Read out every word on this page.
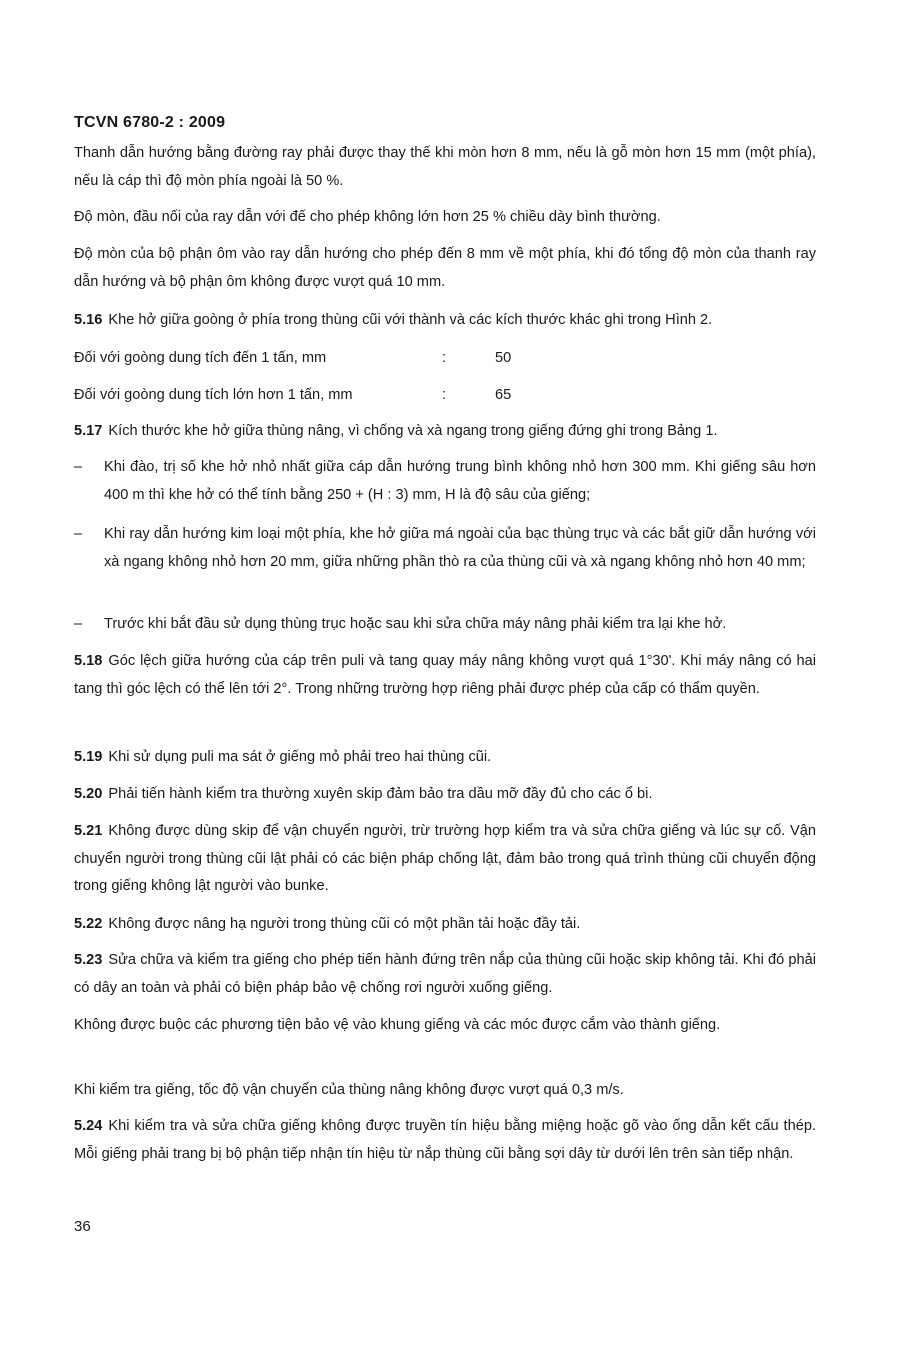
TCVN 6780-2 : 2009
Thanh dẫn hướng bằng đường ray phải được thay thế khi mòn hơn 8 mm, nếu là gỗ mòn hơn 15 mm (một phía), nếu là cáp thì độ mòn phía ngoài là 50 %.
Độ mòn, đầu nối của ray dẫn với đế cho phép không lớn hơn 25 % chiều dày bình thường.
Độ mòn của bộ phận ôm vào ray dẫn hướng cho phép đến 8 mm về một phía, khi đó tổng độ mòn của thanh ray dẫn hướng và bộ phận ôm không được vượt quá 10 mm.
5.16 Khe hở giữa goòng ở phía trong thùng cũi với thành và các kích thước khác ghi trong Hình 2.
Đối với goòng dung tích đến 1 tấn, mm	:	50
Đối với goòng dung tích lớn hơn 1 tấn, mm	:	65
5.17 Kích thước khe hở giữa thùng nâng, vì chống và xà ngang trong giếng đứng ghi trong Bảng 1.
– Khi đào, trị số khe hở nhỏ nhất giữa cáp dẫn hướng trung bình không nhỏ hơn 300 mm. Khi giếng sâu hơn 400 m thì khe hở có thể tính bằng 250 + (H : 3) mm, H là độ sâu của giếng;
– Khi ray dẫn hướng kim loại một phía, khe hở giữa má ngoài của bạc thùng trục và các bắt giữ dẫn hướng với xà ngang không nhỏ hơn 20 mm, giữa những phần thò ra của thùng cũi và xà ngang không nhỏ hơn 40 mm;
– Trước khi bắt đầu sử dụng thùng trục hoặc sau khi sửa chữa máy nâng phải kiểm tra lại khe hở.
5.18 Góc lệch giữa hướng của cáp trên puli và tang quay máy nâng không vượt quá 1°30'. Khi máy nâng có hai tang thì góc lệch có thể lên tới 2°. Trong những trường hợp riêng phải được phép của cấp có thẩm quyền.
5.19 Khi sử dụng puli ma sát ở giếng mỏ phải treo hai thùng cũi.
5.20 Phải tiến hành kiểm tra thường xuyên skip đảm bảo tra dầu mỡ đầy đủ cho các ổ bi.
5.21 Không được dùng skip để vận chuyển người, trừ trường hợp kiểm tra và sửa chữa giếng và lúc sự cố. Vận chuyển người trong thùng cũi lật phải có các biện pháp chống lật, đảm bảo trong quá trình thùng cũi chuyển động trong giếng không lật người vào bunke.
5.22 Không được nâng hạ người trong thùng cũi có một phần tải hoặc đầy tải.
5.23 Sửa chữa và kiểm tra giếng cho phép tiến hành đứng trên nắp của thùng cũi hoặc skip không tải. Khi đó phải có dây an toàn và phải có biện pháp bảo vệ chống rơi người xuống giếng.
Không được buộc các phương tiện bảo vệ vào khung giếng và các móc được cắm vào thành giếng.
Khi kiểm tra giếng, tốc độ vận chuyển của thùng nâng không được vượt quá 0,3 m/s.
5.24 Khi kiểm tra và sửa chữa giếng không được truyền tín hiệu bằng miệng hoặc gõ vào ống dẫn kết cấu thép. Mỗi giếng phải trang bị bộ phận tiếp nhận tín hiệu từ nắp thùng cũi bằng sợi dây từ dưới lên trên sàn tiếp nhận.
36
